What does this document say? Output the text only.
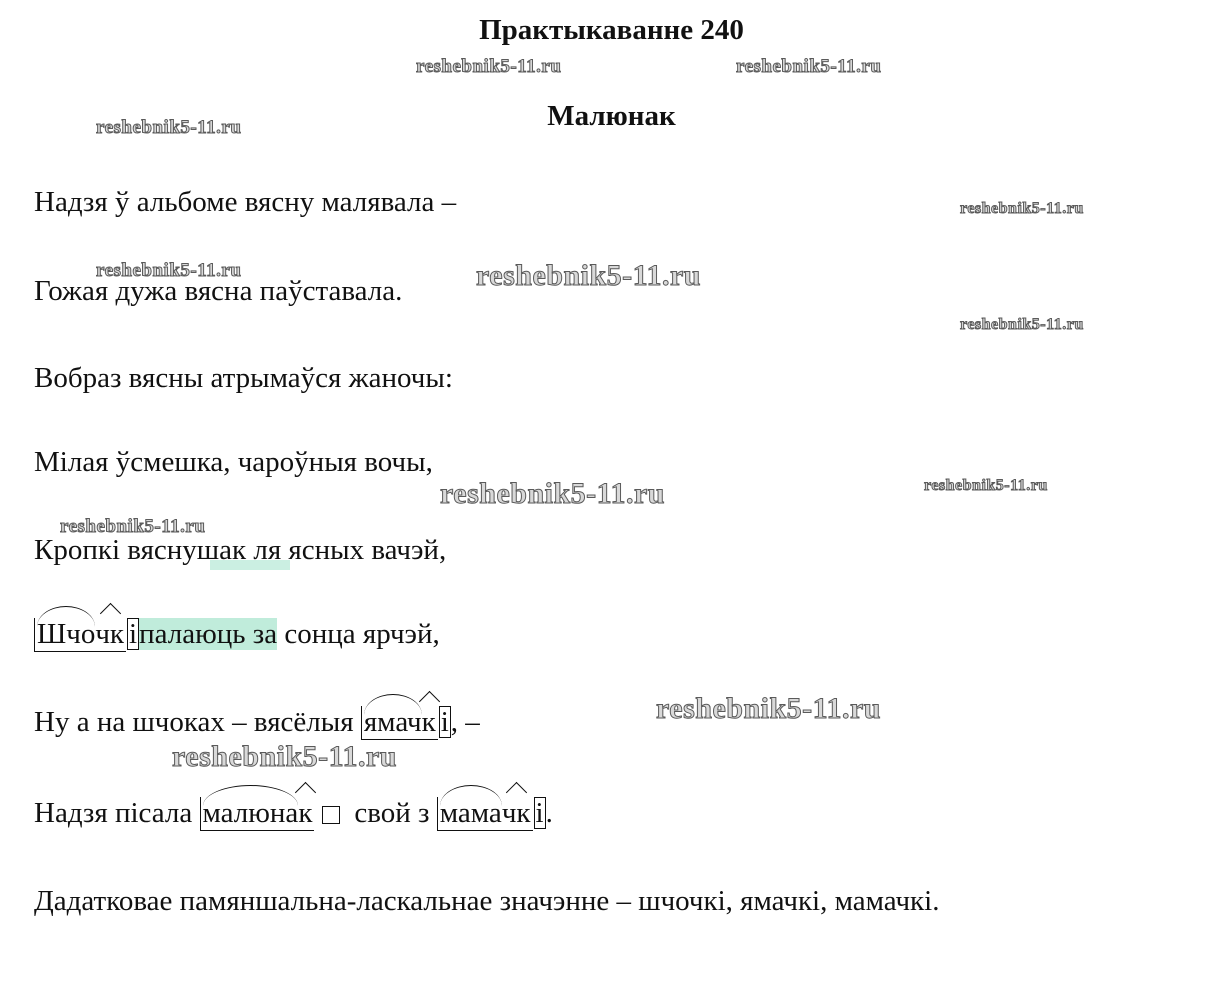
Практыкаванне 240
Малюнак
Надзя ў альбоме вясну малявала –
Гожая дужа вясна паўставала.
Вобраз вясны атрымаўся жаночы:
Мілая ўсмешка, чароўныя вочы,
Кропкі вяснушак ля ясных вачэй,
Шчочк іпалаюць за сонца ярчэй,
Ну а на шчоках – вясёлыя ямачк і, –
Надзя пісала малюнак свой з мамачк і.
Дадатковае памяншальна-ласкальнае значэнне – шчочкі, ямачкі, мамачкі.
reshebnik5-11.ru	reshebnik5-11.ru
reshebnik5-11.ru
reshebnik5-11.ru
reshebnik5-11.ru	reshebnik5-11.ru
reshebnik5-11.ru
reshebnik5-11.ru	reshebnik5-11.ru
reshebnik5-11.ru
reshebnik5-11.ru
reshebnik5-11.ru
